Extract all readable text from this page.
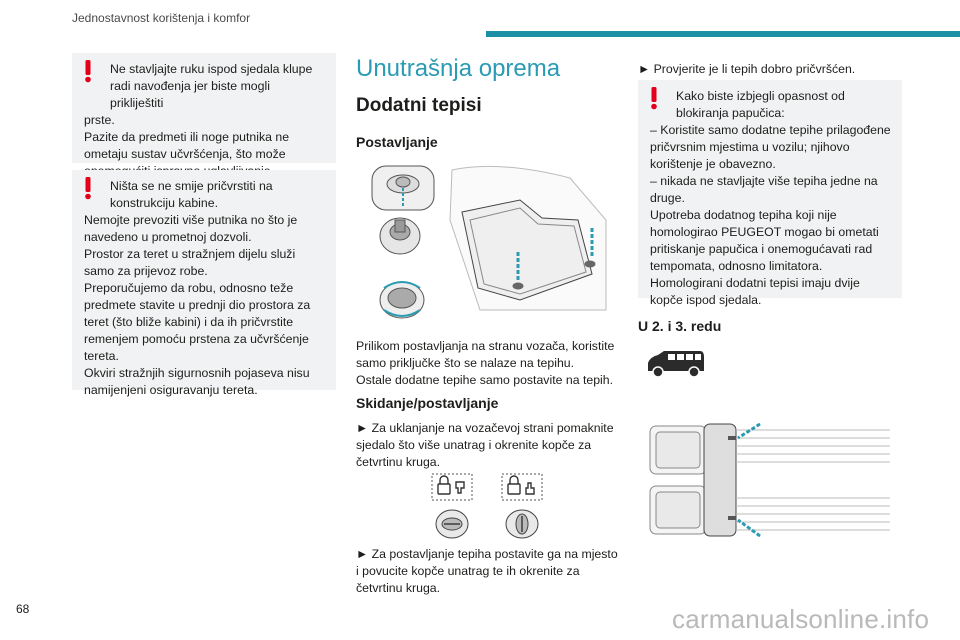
Jednostavnost korištenja i komfor
Ne stavljajte ruku ispod sjedala klupe radi navođenja jer biste mogli prikliještiti
prste.
Pazite da predmeti ili noge putnika ne ometaju sustav učvršćenja, što može
Ništa se ne smije pričvrstiti na konstrukciju kabine.
Nemojte prevoziti više putnika no što je navedeno u prometnoj dozvoli.
Prostor za teret u stražnjem dijelu služi samo za prijevoz robe.
Preporučujemo da robu, odnosno teže predmete stavite u prednji dio prostora za teret (što bliže kabini) i da ih pričvrstite remenjem pomoću prstena za učvršćenje tereta.
Okviri stražnjih sigurnosnih pojaseva nisu namijenjeni osiguravanju tereta.
Unutrašnja oprema
Dodatni tepisi
Postavljanje
Prilikom postavljanja na stranu vozača, koristite samo priključke što se nalaze na tepihu.
Ostale dodatne tepihe samo postavite na tepih.
Skidanje/postavljanje
► Za uklanjanje na vozačevoj strani pomaknite sjedalo što više unatrag i okrenite kopče za četvrtinu kruga.
► Za postavljanje tepiha postavite ga na mjesto i povucite kopče unatrag te ih okrenite za četvrtinu kruga.
► Provjerite je li tepih dobro pričvršćen.
Kako biste izbjegli opasnost od blokiranja papučica:
– Koristite samo dodatne tepihe prilagođene pričvrsnim mjestima u vozilu; njihovo korištenje je obavezno.
– nikada ne stavljajte više tepiha jedne na druge.
Upotreba dodatnog tepiha koji nije homologirao PEUGEOT mogao bi ometati pritiskanje papučica i onemogućavati rad tempomata, odnosno limitatora.
Homologirani dodatni tepisi imaju dvije kopče ispod sjedala.
U 2. i 3. redu
68	carmanualsonline.info
